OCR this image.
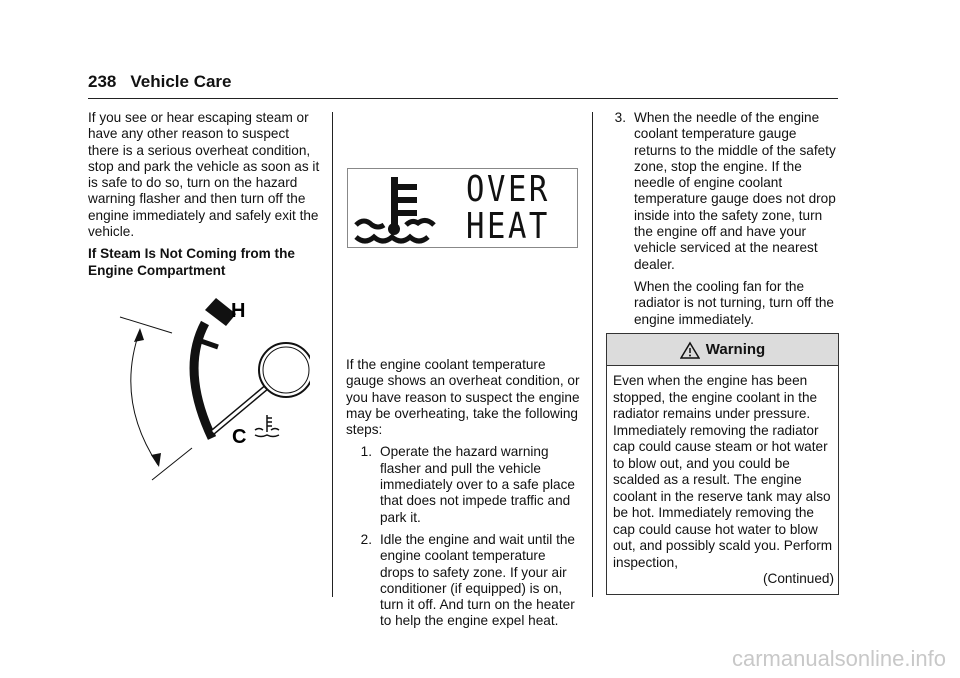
238 Vehicle Care

If you see or hear escaping steam or have any other reason to suspect there is a serious overheat condition, stop and park the vehicle as soon as it is safe to do so, turn on the hazard warning flasher and then turn off the engine immediately and safely exit the vehicle.

If Steam Is Not Coming from the Engine Compartment

H
C
OVER
HEAT

If the engine coolant temperature gauge shows an overheat condition, or you have reason to suspect the engine may be overheating, take the following steps:

1. Operate the hazard warning flasher and pull the vehicle immediately over to a safe place that does not impede traffic and park it.
2. Idle the engine and wait until the engine coolant temperature drops to safety zone. If your air conditioner (if equipped) is on, turn it off. And turn on the heater to help the engine expel heat.
3. When the needle of the engine coolant temperature gauge returns to the middle of the safety zone, stop the engine. If the needle of engine coolant temperature gauge does not drop inside into the safety zone, turn the engine off and have your vehicle serviced at the nearest dealer.

When the cooling fan for the radiator is not turning, turn off the engine immediately.

Warning
Even when the engine has been stopped, the engine coolant in the radiator remains under pressure. Immediately removing the radiator cap could cause steam or hot water to blow out, and you could be scalded as a result. The engine coolant in the reserve tank may also be hot. Immediately removing the cap could cause hot water to blow out, and possibly scald you. Perform inspection,
(Continued)
carmanualsonline.info
